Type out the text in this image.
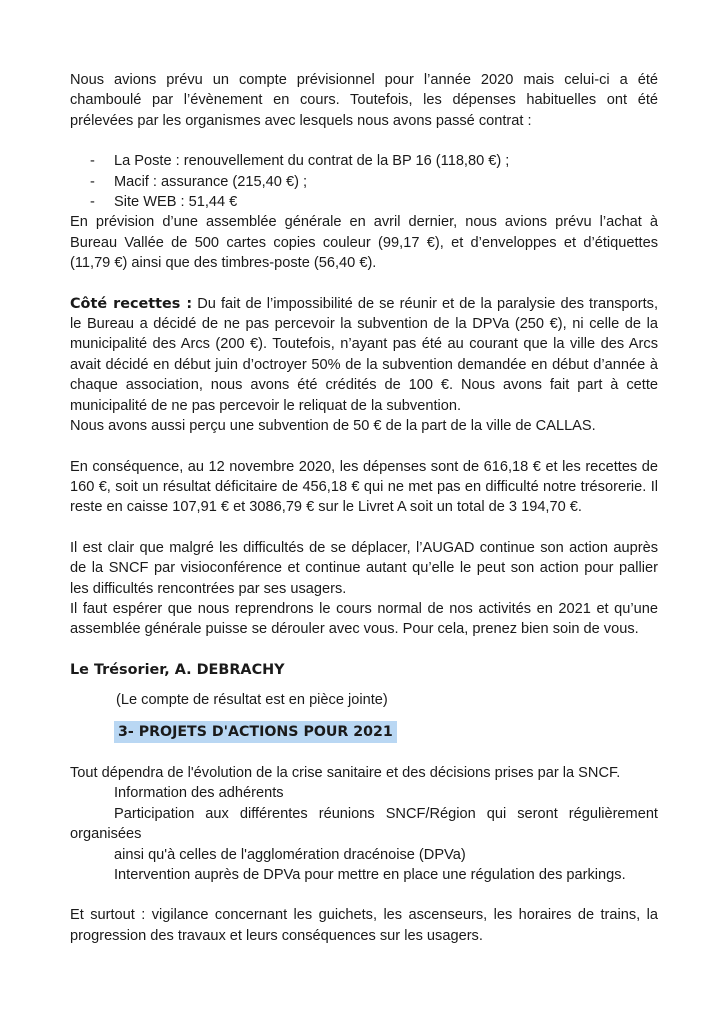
Nous avions prévu un compte prévisionnel pour l’année 2020 mais celui-ci a été chamboulé par l’évènement en cours. Toutefois, les dépenses habituelles ont été prélevées par les organismes avec lesquels nous avons passé contrat :

- La Poste : renouvellement du contrat de la BP 16 (118,80 €) ;
- Macif : assurance (215,40 €) ;
- Site WEB : 51,44 €

En prévision d’une assemblée générale en avril dernier, nous avions prévu l’achat à Bureau Vallée de 500 cartes copies couleur (99,17 €), et d’enveloppes et d’étiquettes (11,79 €) ainsi que des timbres-poste (56,40 €).

Côté recettes : Du fait de l’impossibilité de se réunir et de la paralysie des transports, le Bureau a décidé de ne pas percevoir la subvention de la DPVa (250 €), ni celle de la municipalité des Arcs (200 €). Toutefois, n’ayant pas été au courant que la ville des Arcs avait décidé en début juin d’octroyer 50% de la subvention demandée en début d’année à chaque association, nous avons été crédités de 100 €. Nous avons fait part à cette municipalité de ne pas percevoir le reliquat de la subvention.

Nous avons aussi perçu une subvention de 50 € de la part de la ville de CALLAS.

En conséquence, au 12 novembre 2020, les dépenses sont de 616,18 € et les recettes de 160 €, soit un résultat déficitaire de 456,18 € qui ne met pas en difficulté notre trésorerie. Il reste en caisse 107,91 € et 3086,79 € sur le Livret A soit un total de 3 194,70 €.

Il est clair que malgré les difficultés de se déplacer, l’AUGAD continue son action auprès de la SNCF par visioconférence et continue autant qu’elle le peut son action pour pallier les difficultés rencontrées par ses usagers.

Il faut espérer que nous reprendrons le cours normal de nos activités en 2021 et qu’une assemblée générale puisse se dérouler avec vous. Pour cela, prenez bien soin de vous.

Le Trésorier, A. DEBRACHY

(Le compte de résultat est en pièce jointe)

3- PROJETS D'ACTIONS POUR 2021

Tout dépendra de l'évolution de la crise sanitaire et des décisions prises par la SNCF.

Information des adhérents

Participation aux différentes réunions SNCF/Région qui seront régulièrement organisées

ainsi qu'à celles de l'agglomération dracénoise (DPVa)

Intervention auprès de DPVa pour mettre en place une régulation des parkings.

Et surtout : vigilance concernant les guichets, les ascenseurs, les horaires de trains, la progression des travaux et leurs conséquences sur les usagers.
